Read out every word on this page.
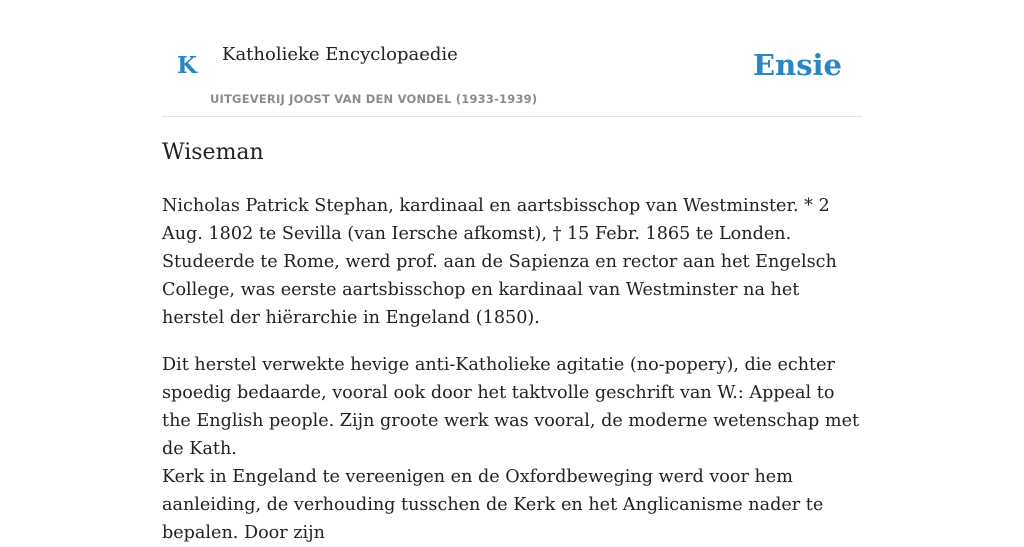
K Katholieke Encyclopaedie
UITGEVERIJ JOOST VAN DEN VONDEL (1933-1939)
Ensie
Wiseman

Nicholas Patrick Stephan, kardinaal en aartsbisschop van Westminster. * 2 Aug. 1802 te Sevilla (van Iersche afkomst), † 15 Febr. 1865 te Londen. Studeerde te Rome, werd prof. aan de Sapienza en rector aan het Engelsch College, was eerste aartsbisschop en kardinaal van Westminster na het herstel der hiërarchie in Engeland (1850).

Dit herstel verwekte hevige anti-Katholieke agitatie (no-popery), die echter spoedig bedaarde, vooral ook door het taktvolle geschrift van W.: Appeal to the English people. Zijn groote werk was vooral, de moderne wetenschap met de Kath.

Kerk in Engeland te vereenigen en de Oxfordbeweging werd voor hem aanleiding, de verhouding tusschen de Kerk en het Anglicanisme nader te bepalen. Door zijn
